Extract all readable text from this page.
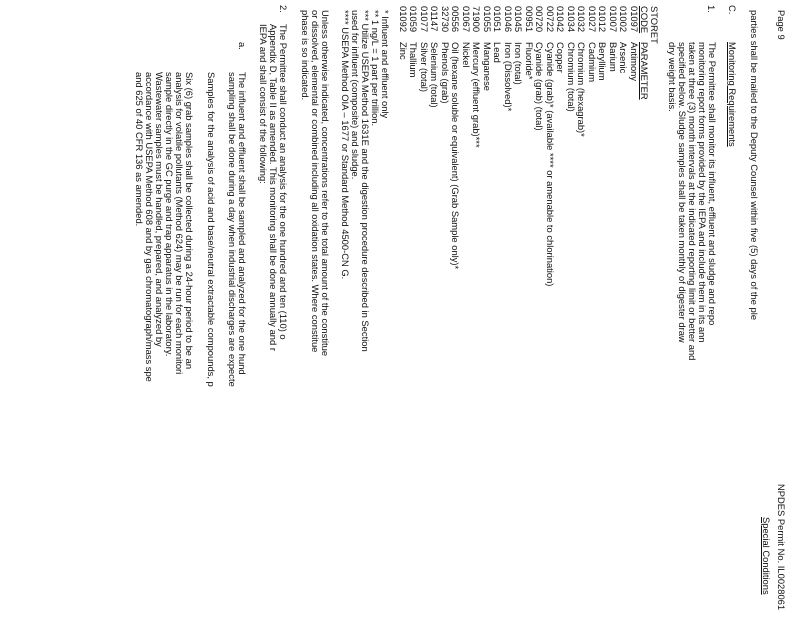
Page 9
NPDES Permit No. IL0028061
Special Conditions
parties shall be mailed to the Deputy Counsel within five (5) days of the ple
C.
Monitoring Requirements
1.
The Permittee shall monitor its influent, effluent and sludge and repo
monitoring report forms provided by the IEPA and include them in its ann
taken at three (3) month intervals at the indicated reporting limit or better and
specified below. Sludge samples shall be taken monthly of digester draw
dry weight basis.
STORET
CODE
PARAMETER
01097
Antimony
01002
Arsenic
01007
Barium
01012
Beryllium
01027
Cadmium
01032
Chromium (hexagrab)*
01034
Chromium (total)
01042
Copper
00722
Cyanide (grab)* (available **** or amenable to chlorination)
00720
Cyanide (grab) (total)
00951
Fluoride*
01045
Iron (total)
01046
Iron (Dissolved)*
01051
Lead
01055
Manganese
71900
Mercury (effluent grab)***
01067
Nickel
00556
Oil (hexane soluble or equivalent) (Grab Sample only)*
32730
Phenols (grab)
01147
Selenium (total)
01077
Silver (total)
01059
Thallium
01092
Zinc
* Influent and effluent only
** 1 ng/L = 1 part per trillion.
*** Utilize USEPA Method 1631E and the digestion procedure described in Section
used for influent (composite) and sludge.
**** USEPA Method OIA – 1677 or Standard Method 4500-CN G.
Unless otherwise indicated, concentrations refer to the total amount of the constitue
or dissolved, elemental or combined including all oxidation states. Where constitue
phase is so indicated.
2.
The Permittee shall conduct an analysis for the one hundred and ten (110) o
Appendix D, Table II as amended. This monitoring shall be done annually and r
IEPA and shall consist of the following:
a.
The influent and effluent shall be sampled and analyzed for the one hund
sampling shall be done during a day when industrial discharges are expecte
Samples for the analysis of acid and base/neutral extractable compounds, p
Six (6) grab samples shall be collected during a 24-hour period to be an
analysis for volatile pollutants (Method 624) may be run for each monitori
sample directly in the GC purge and trap apparatus in the laboratory.
Wastewater samples must be handled, prepared, and analyzed by
accordance with USEPA Method 608 and by gas chromatograph/mass spe
and 625 of 40 CFR 136 as amended.
